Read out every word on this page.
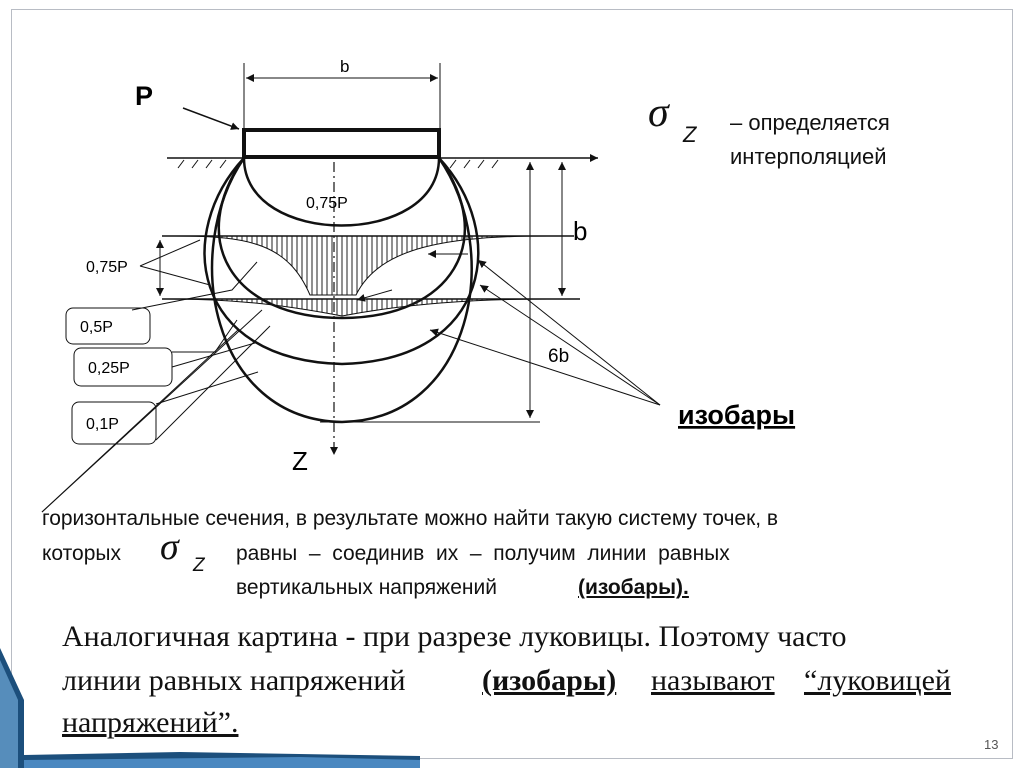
b
P
Z
0,75P
0,75P
b
6b
0,5P
0,25P
0,1P	изобары
σ Z – определяется
интерполяцией
горизонтальные сечения, в результате можно найти такую систему точек, в
которых σ Z
равны  –  соединив  их  –  получим  линии  равных
вертикальных напряжений	(изобары).
Аналогичная картина - при разрезе луковицы. Поэтому часто
линии равных напряжений	(изобары) называют “луковицей
напряжений”.
13
